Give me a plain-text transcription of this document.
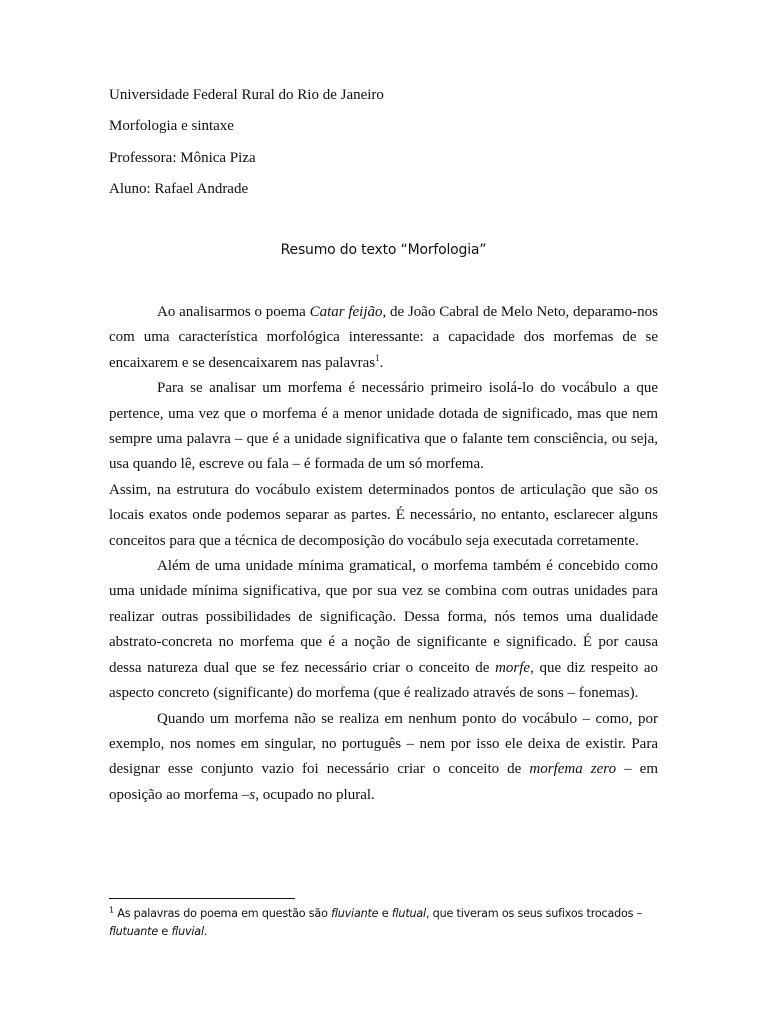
Universidade Federal Rural do Rio de Janeiro

Morfologia e sintaxe

Professora: Mônica Piza

Aluno: Rafael Andrade

Resumo do texto “Morfologia”

Ao analisarmos o poema Catar feijão, de João Cabral de Melo Neto, deparamo-nos com uma característica morfológica interessante: a capacidade dos morfemas de se encaixarem e se desencaixarem nas palavras$^1$.

Para se analisar um morfema é necessário primeiro isolá-lo do vocábulo a que pertence, uma vez que o morfema é a menor unidade dotada de significado, mas que nem sempre uma palavra – que é a unidade significativa que o falante tem consciência, ou seja, usa quando lê, escreve ou fala – é formada de um só morfema.

Assim, na estrutura do vocábulo existem determinados pontos de articulação que são os locais exatos onde podemos separar as partes. É necessário, no entanto, esclarecer alguns conceitos para que a técnica de decomposição do vocábulo seja executada corretamente.

Além de uma unidade mínima gramatical, o morfema também é concebido como uma unidade mínima significativa, que por sua vez se combina com outras unidades para realizar outras possibilidades de significação. Dessa forma, nós temos uma dualidade abstrato-concreta no morfema que é a noção de significante e significado. É por causa dessa natureza dual que se fez necessário criar o conceito de morfe, que diz respeito ao aspecto concreto (significante) do morfema (que é realizado através de sons – fonemas).

Quando um morfema não se realiza em nenhum ponto do vocábulo – como, por exemplo, nos nomes em singular, no português – nem por isso ele deixa de existir. Para designar esse conjunto vazio foi necessário criar o conceito de morfema zero – em oposição ao morfema –s, ocupado no plural.

$^1$ As palavras do poema em questão são fluviante e flutual, que tiveram os seus sufixos trocados – flutuante e fluvial.
